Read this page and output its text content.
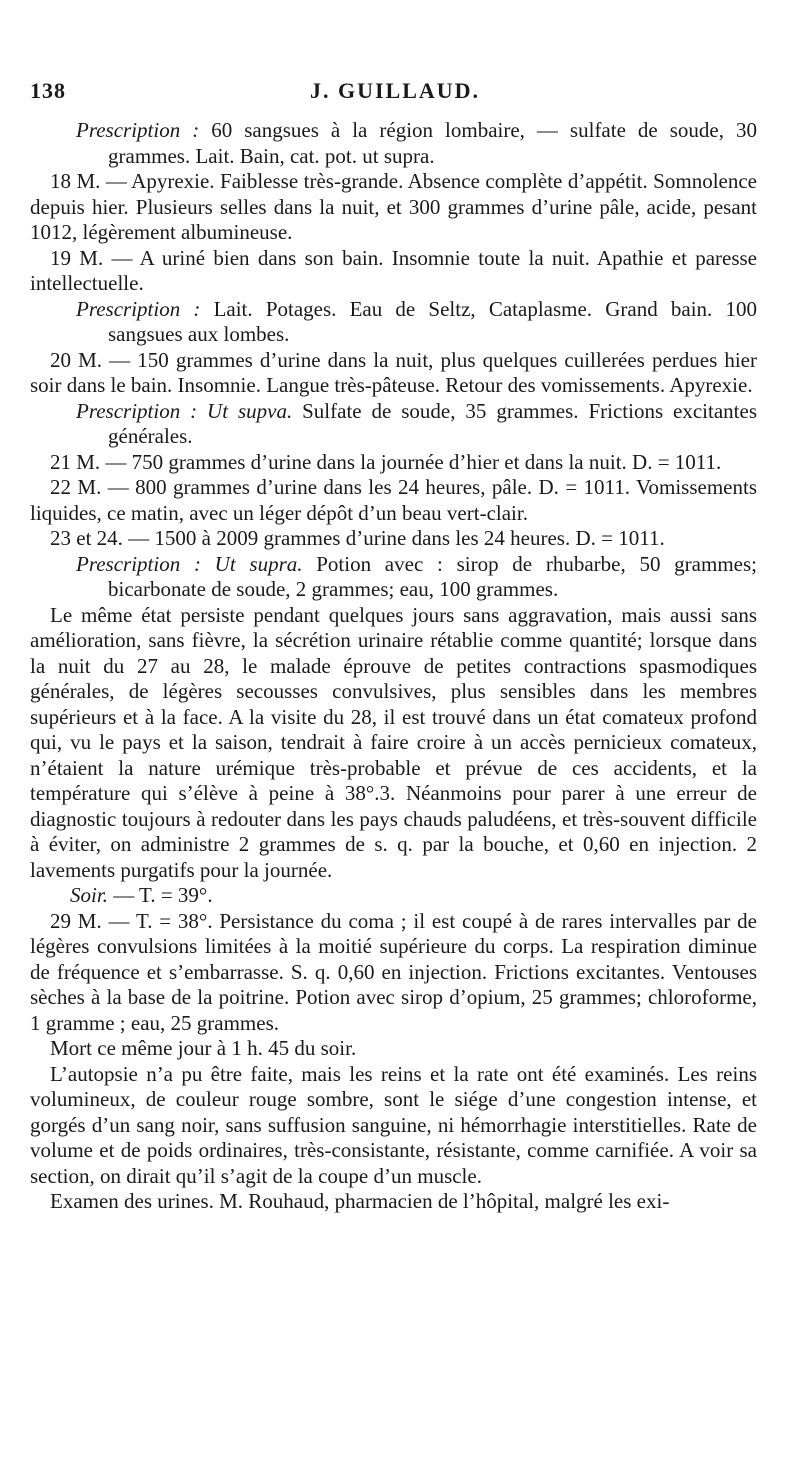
138	J. GUILLAUD.

Prescription : 60 sangsues à la région lombaire, — sulfate de soude, 30 grammes. Lait. Bain, cat. pot. ut supra.

18 M. — Apyrexie. Faiblesse très-grande. Absence complète d’appétit. Somnolence depuis hier. Plusieurs selles dans la nuit, et 300 grammes d’urine pâle, acide, pesant 1012, légèrement albumineuse.

19 M. — A uriné bien dans son bain. Insomnie toute la nuit. Apathie et paresse intellectuelle.

Prescription : Lait. Potages. Eau de Seltz, Cataplasme. Grand bain. 100 sangsues aux lombes.

20 M. — 150 grammes d’urine dans la nuit, plus quelques cuillerées perdues hier soir dans le bain. Insomnie. Langue très-pâteuse. Retour des vomissements. Apyrexie.

Prescription : Ut supva. Sulfate de soude, 35 grammes. Frictions excitantes générales.

21 M. — 750 grammes d’urine dans la journée d’hier et dans la nuit. D. = 1011.

22 M. — 800 grammes d’urine dans les 24 heures, pâle. D. = 1011. Vomissements liquides, ce matin, avec un léger dépôt d’un beau vert-clair.

23 et 24. — 1500 à 2009 grammes d’urine dans les 24 heures. D. = 1011.

Prescription : Ut supra. Potion avec : sirop de rhubarbe, 50 grammes; bicarbonate de soude, 2 grammes; eau, 100 grammes.

Le même état persiste pendant quelques jours sans aggravation, mais aussi sans amélioration, sans fièvre, la sécrétion urinaire rétablie comme quantité; lorsque dans la nuit du 27 au 28, le malade éprouve de petites contractions spasmodiques générales, de légères secousses convulsives, plus sensibles dans les membres supérieurs et à la face. A la visite du 28, il est trouvé dans un état comateux profond qui, vu le pays et la saison, tendrait à faire croire à un accès pernicieux comateux, n’étaient la nature urémique très-probable et prévue de ces accidents, et la température qui s’élève à peine à 38°.3. Néanmoins pour parer à une erreur de diagnostic toujours à redouter dans les pays chauds paludéens, et très-souvent difficile à éviter, on administre 2 grammes de s. q. par la bouche, et 0,60 en injection. 2 lavements purgatifs pour la journée.

Soir. — T. = 39°.

29 M. — T. = 38°. Persistance du coma ; il est coupé à de rares intervalles par de légères convulsions limitées à la moitié supérieure du corps. La respiration diminue de fréquence et s’embarrasse. S. q. 0,60 en injection. Frictions excitantes. Ventouses sèches à la base de la poitrine. Potion avec sirop d’opium, 25 grammes; chloroforme, 1 gramme ; eau, 25 grammes.

Mort ce même jour à 1 h. 45 du soir.

L’autopsie n’a pu être faite, mais les reins et la rate ont été examinés. Les reins volumineux, de couleur rouge sombre, sont le siége d’une congestion intense, et gorgés d’un sang noir, sans suffusion sanguine, ni hémorrhagie interstitielles. Rate de volume et de poids ordinaires, très-consistante, résistante, comme carnifiée. A voir sa section, on dirait qu’il s’agit de la coupe d’un muscle.

Examen des urines. M. Rouhaud, pharmacien de l’hôpital, malgré les exi-
